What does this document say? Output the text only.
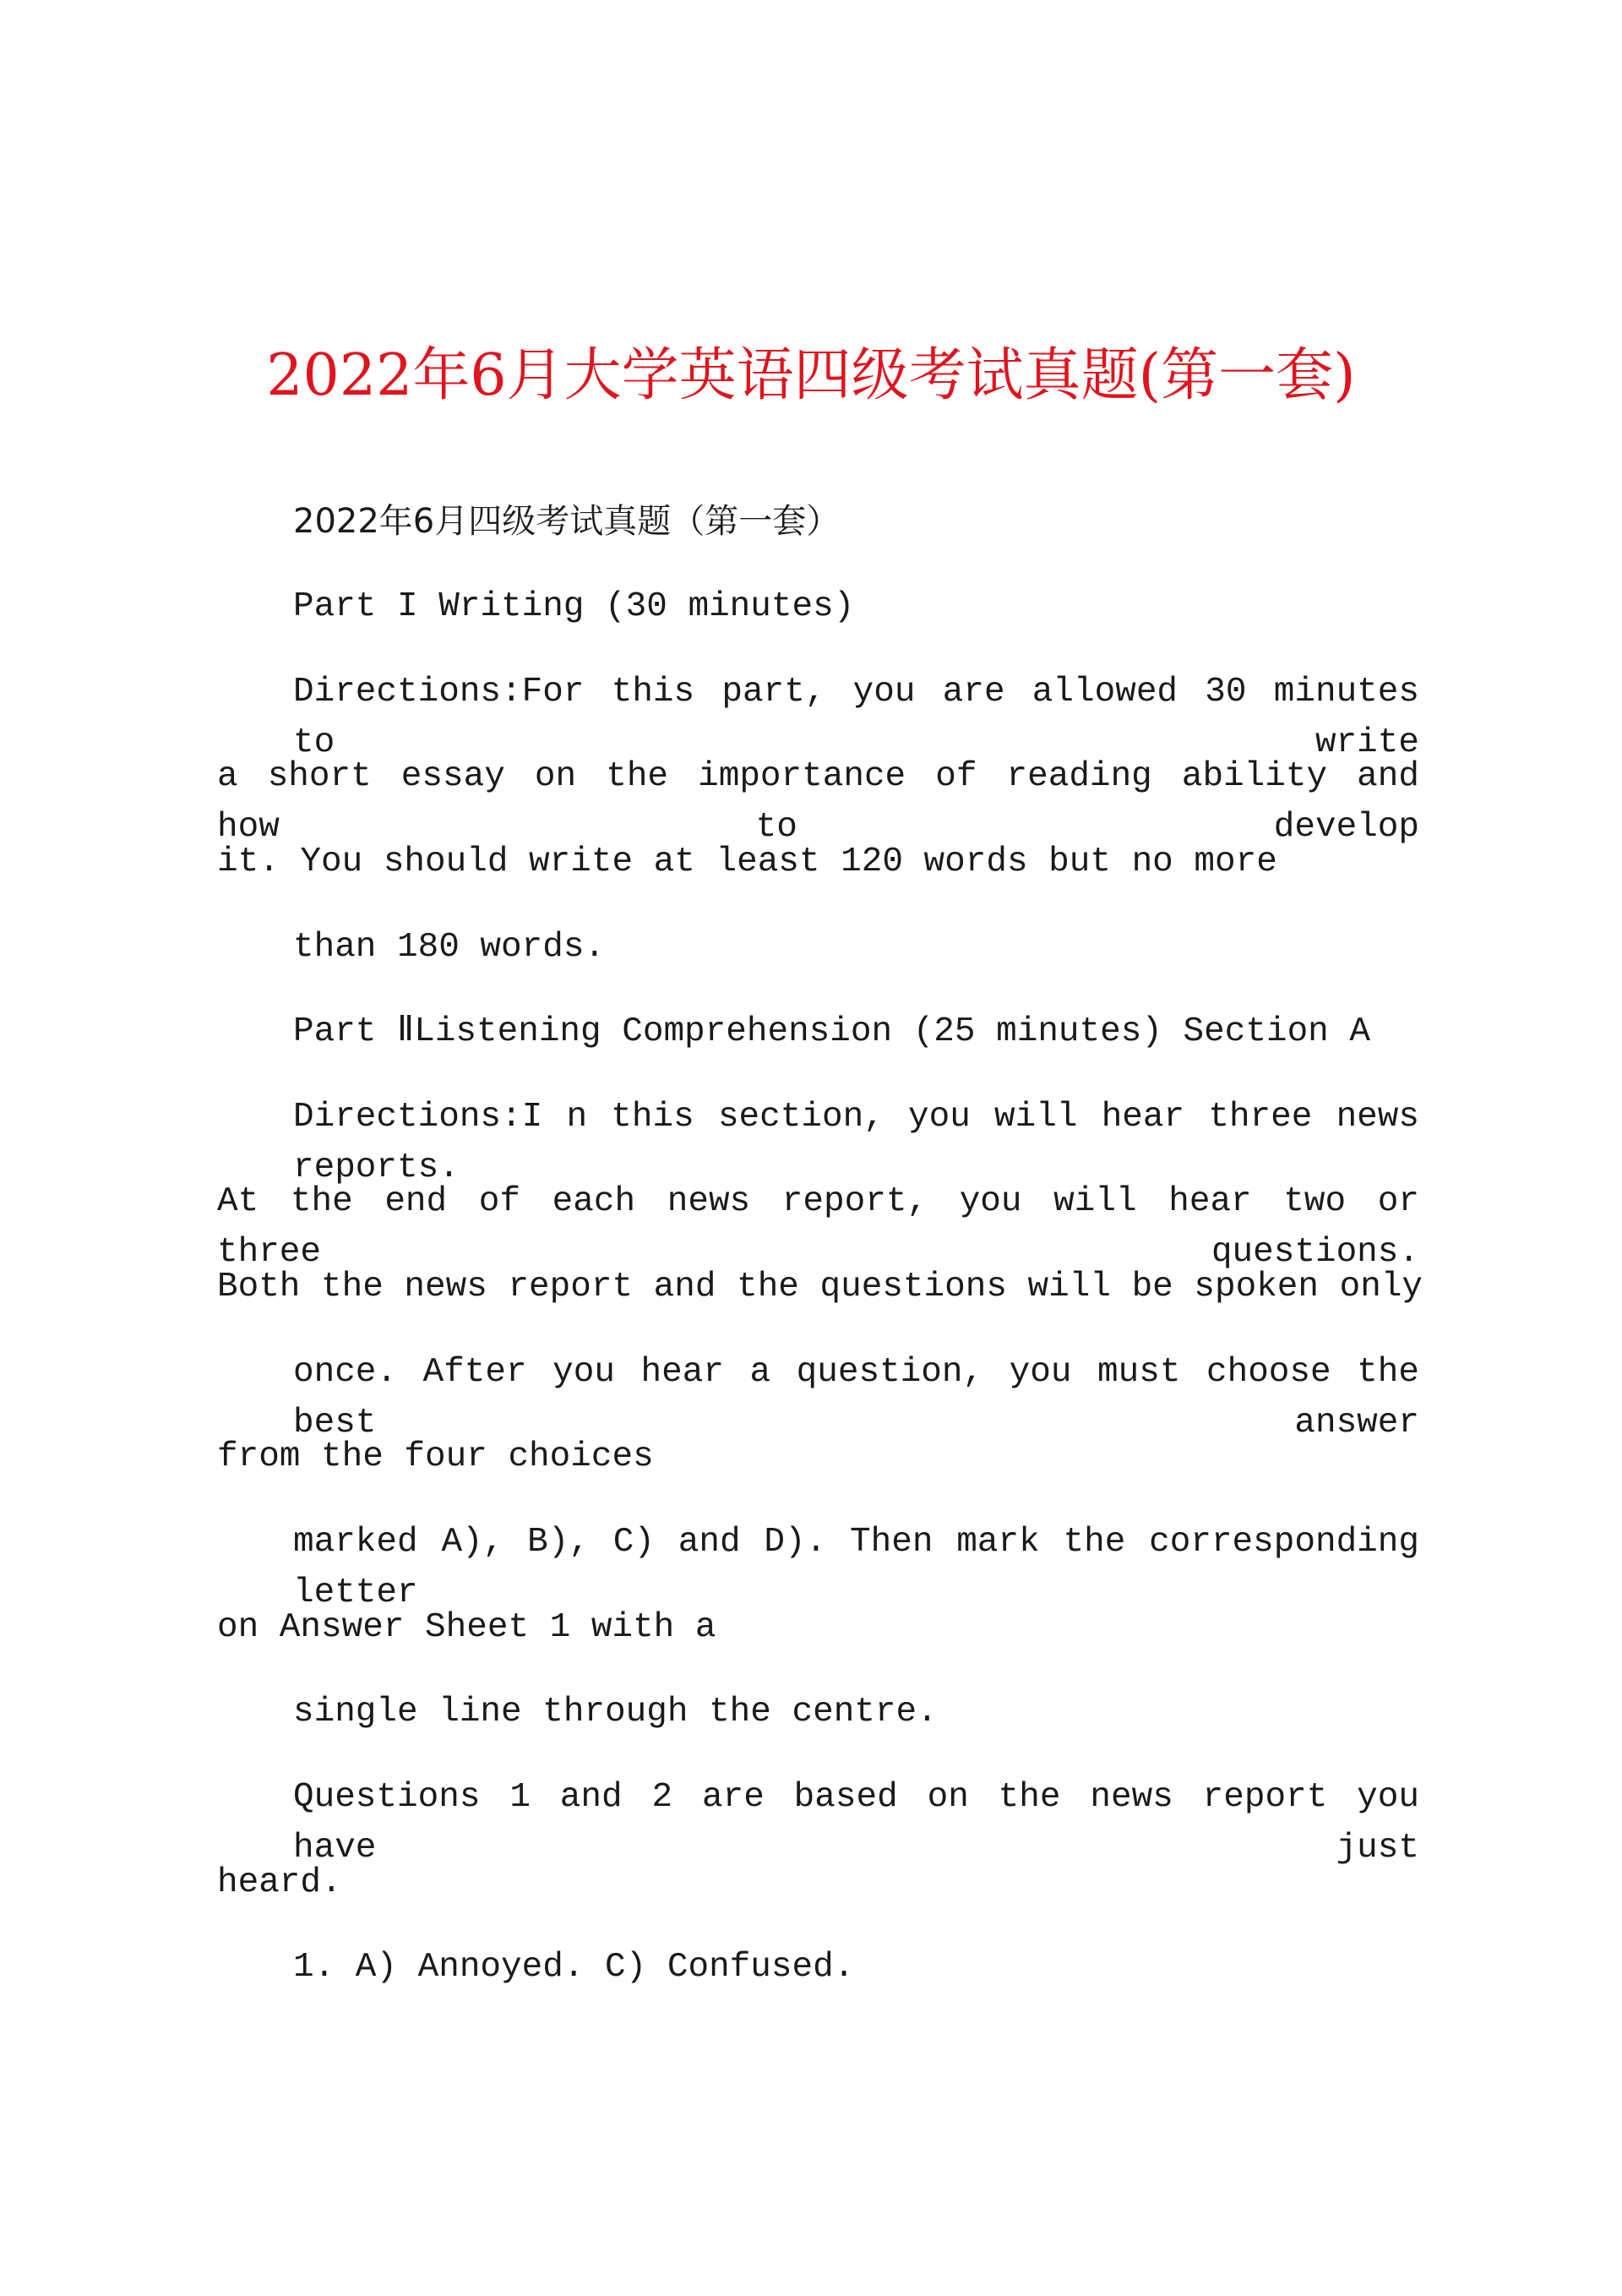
2022年6月大学英语四级考试真题(第一套)
2022年6月四级考试真题（第一套）
Part I Writing (30 minutes)
Directions:For this part, you are allowed 30 minutes to write
a short essay on the importance of reading ability and how to develop
it. You should write at least 120 words but no more
than 180 words.
Part ⅡListening Comprehension (25 minutes) Section A
Directions:I n this section, you will hear three news reports.
At the end of each news report, you will hear two or three questions.
Both the news report and the questions will be spoken only
once. After you hear a question, you must choose the best answer
from the four choices
marked A), B), C) and D). Then mark the corresponding letter
on Answer Sheet 1 with a
single line through the centre.
Questions 1 and 2 are based on the news report you have just
heard.
1. A) Annoyed. C) Confused.
